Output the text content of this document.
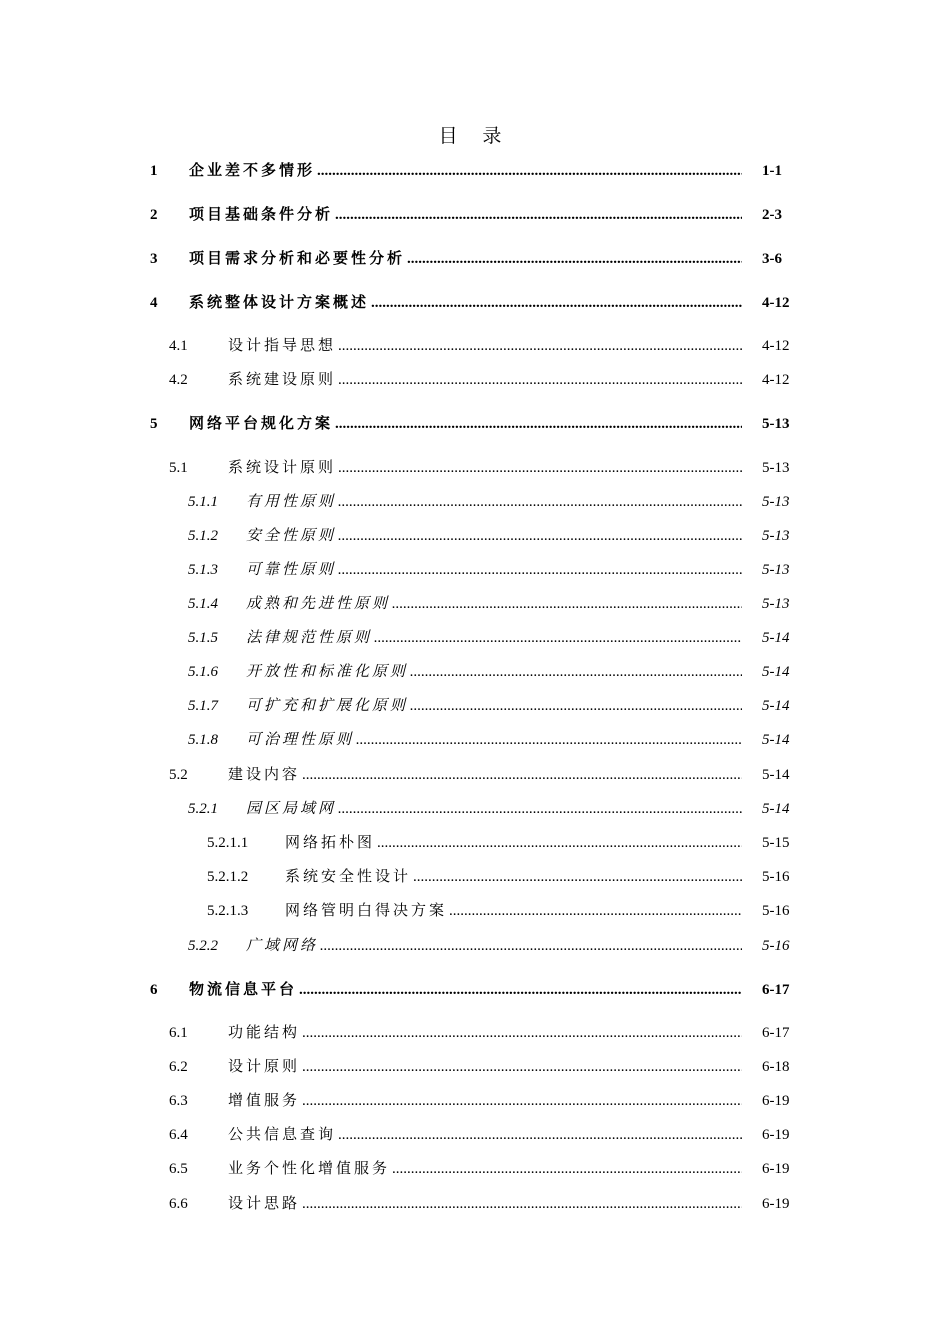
目 录
1 企业差不多情形 .....	1-1
2 项目基础条件分析 .....	2-3
3 项目需求分析和必要性分析 .....	3-6
4 系统整体设计方案概述 .....	4-12
4.1	设计指导思想 .....	4-12
4.2	系统建设原则 .....	4-12
5 网络平台规化方案 .....	5-13
5.1	系统设计原则 .....	5-13
5.1.1 有用性原则 .....	5-13
5.1.2 安全性原则 .....	5-13
5.1.3 可靠性原则 .....	5-13
5.1.4 成熟和先进性原则 .....	5-13
5.1.5 法律规范性原则 .....	5-14
5.1.6 开放性和标准化原则 .....	5-14
5.1.7 可扩充和扩展化原则 .....	5-14
5.1.8 可治理性原则 .....	5-14
5.2	建设内容 .....	5-14
5.2.1 园区局域网 .....	5-14
5.2.1.1 网络拓朴图 .....	5-15
5.2.1.2 系统安全性设计 .....	5-16
5.2.1.3 网络管明白得决方案 .....	5-16
5.2.2 广域网络 .....	5-16
6 物流信息平台 .....	6-17
6.1	功能结构 .....	6-17
6.2	设计原则 .....	6-18
6.3	增值服务 .....	6-19
6.4	公共信息查询 .....	6-19
6.5	业务个性化增值服务 .....	6-19
6.6	设计思路 .....	6-19
